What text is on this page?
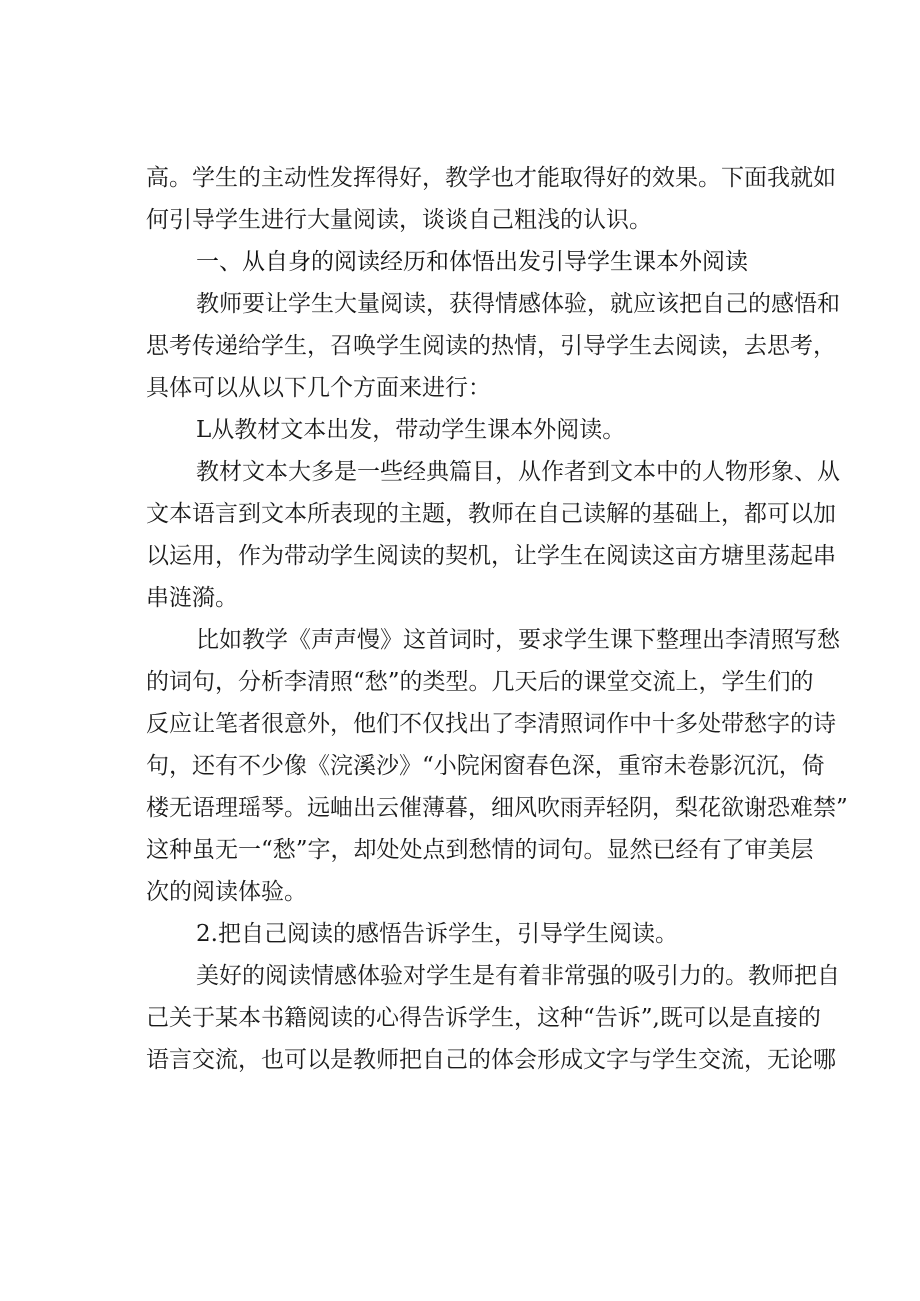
高。学生的主动性发挥得好，教学也才能取得好的效果。下面我就如

何引导学生进行大量阅读，谈谈自己粗浅的认识。

一、从自身的阅读经历和体悟出发引导学生课本外阅读

教师要让学生大量阅读，获得情感体验，就应该把自己的感悟和

思考传递给学生，召唤学生阅读的热情，引导学生去阅读，去思考，

具体可以从以下几个方面来进行：

L从教材文本出发，带动学生课本外阅读。

教材文本大多是一些经典篇目，从作者到文本中的人物形象、从

文本语言到文本所表现的主题，教师在自己读解的基础上，都可以加

以运用，作为带动学生阅读的契机，让学生在阅读这亩方塘里荡起串

串涟漪。

比如教学《声声慢》这首词时，要求学生课下整理出李清照写愁

的词句，分析李清照“愁”的类型。几天后的课堂交流上，学生们的

反应让笔者很意外，他们不仅找出了李清照词作中十多处带愁字的诗

句，还有不少像《浣溪沙》“小院闲窗春色深，重帘未卷影沉沉，倚

楼无语理瑶琴。远岫出云催薄暮，细风吹雨弄轻阴，梨花欲谢恐难禁”

这种虽无一“愁”字，却处处点到愁情的词句。显然已经有了审美层

次的阅读体验。

2.把自己阅读的感悟告诉学生，引导学生阅读。

美好的阅读情感体验对学生是有着非常强的吸引力的。教师把自

己关于某本书籍阅读的心得告诉学生，这种“告诉”,既可以是直接的

语言交流，也可以是教师把自己的体会形成文字与学生交流，无论哪
